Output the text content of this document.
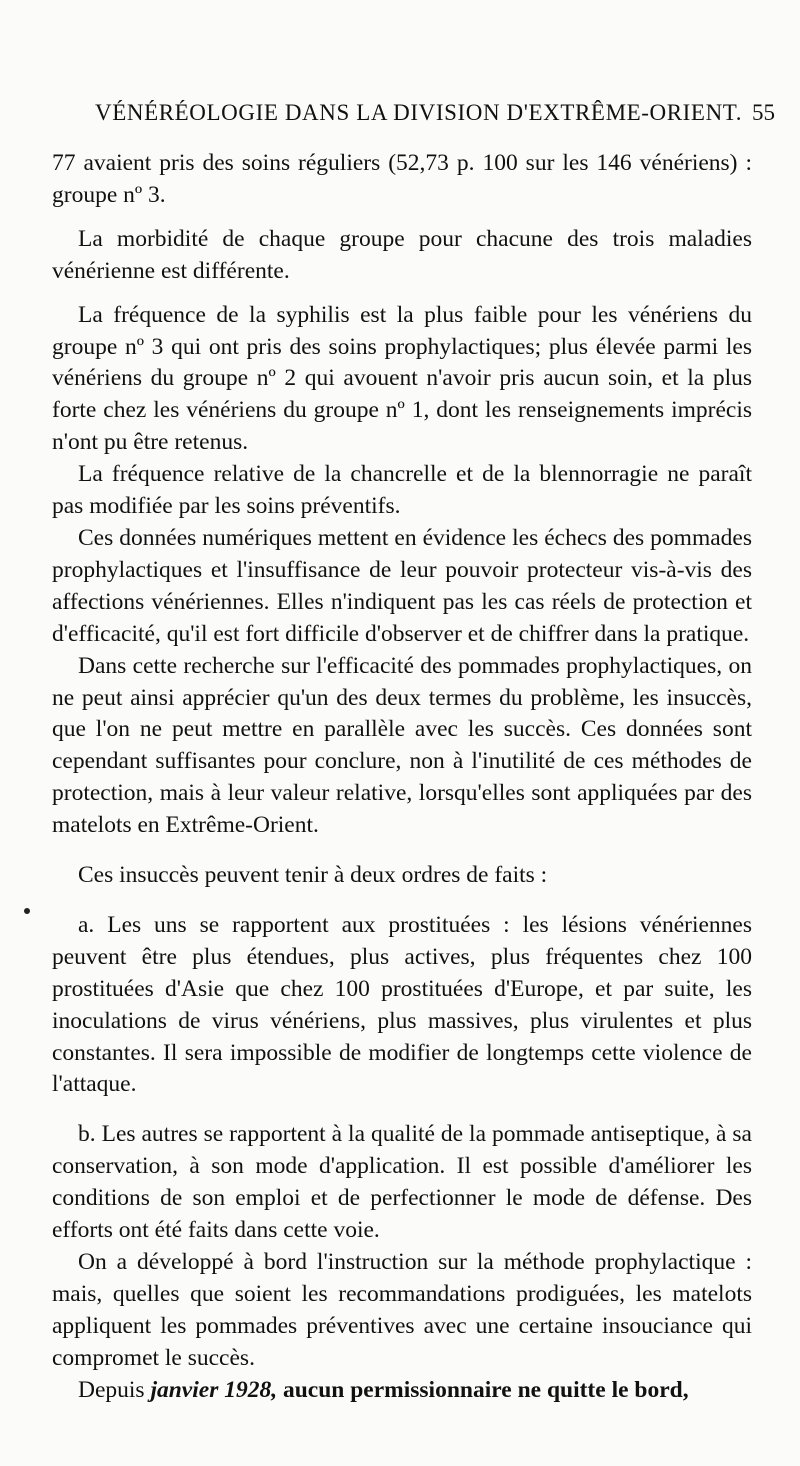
VÉNÉRÉOLOGIE DANS LA DIVISION D'EXTRÊME-ORIENT. 55

77 avaient pris des soins réguliers (52,73 p. 100 sur les 146 vénériens) : groupe nº 3.

La morbidité de chaque groupe pour chacune des trois maladies vénérienne est différente.

La fréquence de la syphilis est la plus faible pour les vénériens du groupe nº 3 qui ont pris des soins prophylactiques; plus élevée parmi les vénériens du groupe nº 2 qui avouent n'avoir pris aucun soin, et la plus forte chez les vénériens du groupe nº 1, dont les renseignements imprécis n'ont pu être retenus.

La fréquence relative de la chancrelle et de la blennorragie ne paraît pas modifiée par les soins préventifs.

Ces données numériques mettent en évidence les échecs des pommades prophylactiques et l'insuffisance de leur pouvoir protecteur vis-à-vis des affections vénériennes. Elles n'indiquent pas les cas réels de protection et d'efficacité, qu'il est fort difficile d'observer et de chiffrer dans la pratique.

Dans cette recherche sur l'efficacité des pommades prophylactiques, on ne peut ainsi apprécier qu'un des deux termes du problème, les insuccès, que l'on ne peut mettre en parallèle avec les succès. Ces données sont cependant suffisantes pour conclure, non à l'inutilité de ces méthodes de protection, mais à leur valeur relative, lorsqu'elles sont appliquées par des matelots en Extrême-Orient.

Ces insuccès peuvent tenir à deux ordres de faits :

a. Les uns se rapportent aux prostituées : les lésions vénériennes peuvent être plus étendues, plus actives, plus fréquentes chez 100 prostituées d'Asie que chez 100 prostituées d'Europe, et par suite, les inoculations de virus vénériens, plus massives, plus virulentes et plus constantes. Il sera impossible de modifier de longtemps cette violence de l'attaque.

b. Les autres se rapportent à la qualité de la pommade antiseptique, à sa conservation, à son mode d'application. Il est possible d'améliorer les conditions de son emploi et de perfectionner le mode de défense. Des efforts ont été faits dans cette voie.

On a développé à bord l'instruction sur la méthode prophylactique : mais, quelles que soient les recommandations prodiguées, les matelots appliquent les pommades préventives avec une certaine insouciance qui compromet le succès.

Depuis janvier 1928, aucun permissionnaire ne quitte le bord,
